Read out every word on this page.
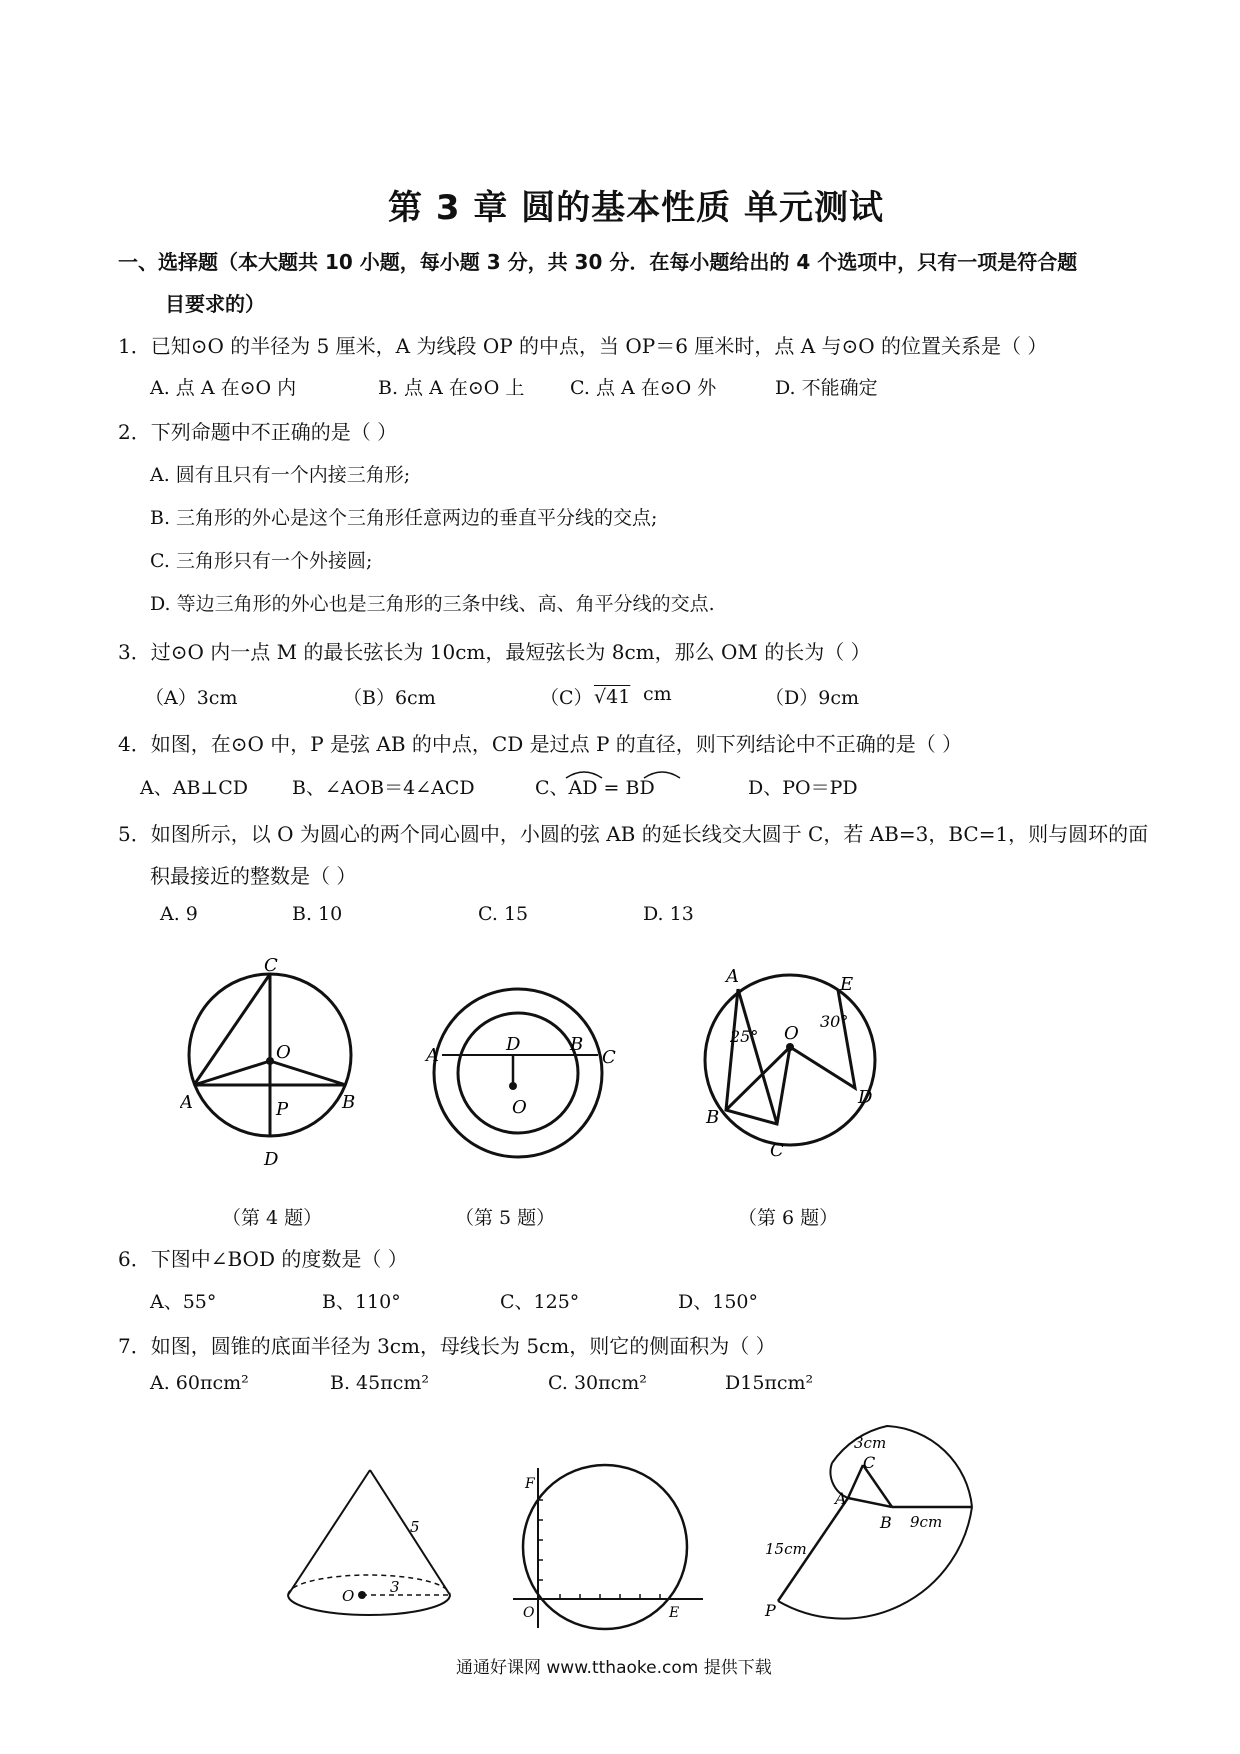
第 3 章 圆的基本性质 单元测试
一、选择题（本大题共 10 小题，每小题 3 分，共 30 分．在每小题给出的 4 个选项中，只有一项是符合题
目要求的）
1．已知⊙O 的半径为 5 厘米，A 为线段 OP 的中点，当 OP＝6 厘米时，点 A 与⊙O 的位置关系是（ ）
A. 点 A 在⊙O 内	B. 点 A 在⊙O 上 C. 点 A 在⊙O 外	D. 不能确定
2．下列命题中不正确的是（ ）
A. 圆有且只有一个内接三角形;
B. 三角形的外心是这个三角形任意两边的垂直平分线的交点;
C. 三角形只有一个外接圆;
D. 等边三角形的外心也是三角形的三条中线、高、角平分线的交点.
3．过⊙O 内一点 M 的最长弦长为 10cm，最短弦长为 8cm，那么 OM 的长为（ ）
（A）3cm	（B）6cm	（C） √41 cm	（D）9cm
4．如图，在⊙O 中，P 是弦 AB 的中点，CD 是过点 P 的直径，则下列结论中不正确的是（ ）
A、AB⊥CD B、∠AOB＝4∠ACD	C、AD = BD	D、PO＝PD
5．如图所示，以 O 为圆心的两个同心圆中，小圆的弦 AB 的延长线交大圆于 C，若 AB=3，BC=1，则与圆环的面
积最接近的整数是（ ）
A. 9	B. 10	C. 15	D. 13
C
O
A	P	B
D
A
D	B
C
O
A	E
25° O
30°
B
D
C
（第 4 题）	（第 5 题）	（第 6 题）
6．下图中∠BOD 的度数是（ ）
A、55°	B、110°	C、125°	D、150°
7．如图，圆锥的底面半径为 3cm，母线长为 5cm，则它的侧面积为（ ）
A. 60πcm²	B. 45πcm²	C. 30πcm²	D15πcm²
5
3
O
F
O	E
3cm
C
A
B 9cm
15cm
P
通通好课网 www.tthaoke.com 提供下载
